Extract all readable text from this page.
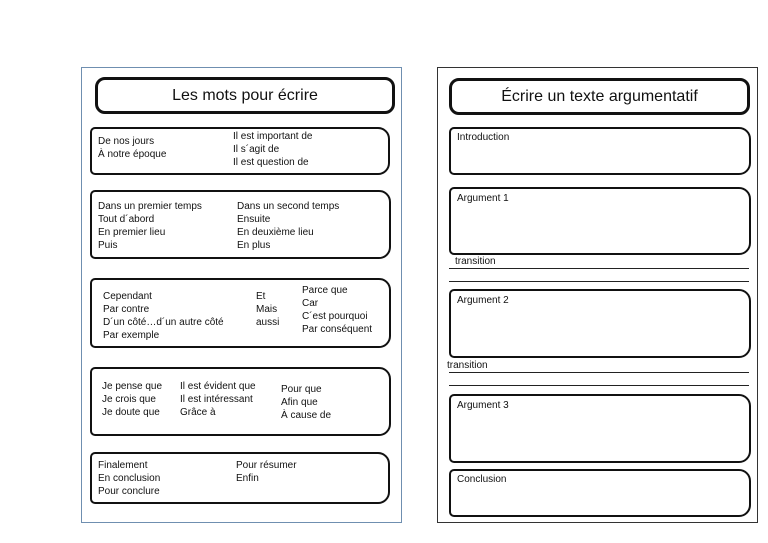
Les mots pour écrire
De nos jours
À notre époque
Il est important de
Il s´agit de
Il est question de
Dans un premier temps
Tout d´abord
En premier lieu
Puis
Dans un second temps
Ensuite
En deuxième lieu
En plus
Cependant
Par contre
D´un côté…d´un autre côté
Par exemple
Et
Mais
aussi
Parce que
Car
C´est pourquoi
Par conséquent
Je pense que
Je crois que
Je doute que
Il est évident que
Il est intéressant
Grâce à
Pour que
Afin que
À cause de
Finalement
En conclusion
Pour conclure
Pour résumer
Enfin
Écrire un texte argumentatif
Introduction
Argument 1
transition
Argument 2
transition
Argument 3
Conclusion
